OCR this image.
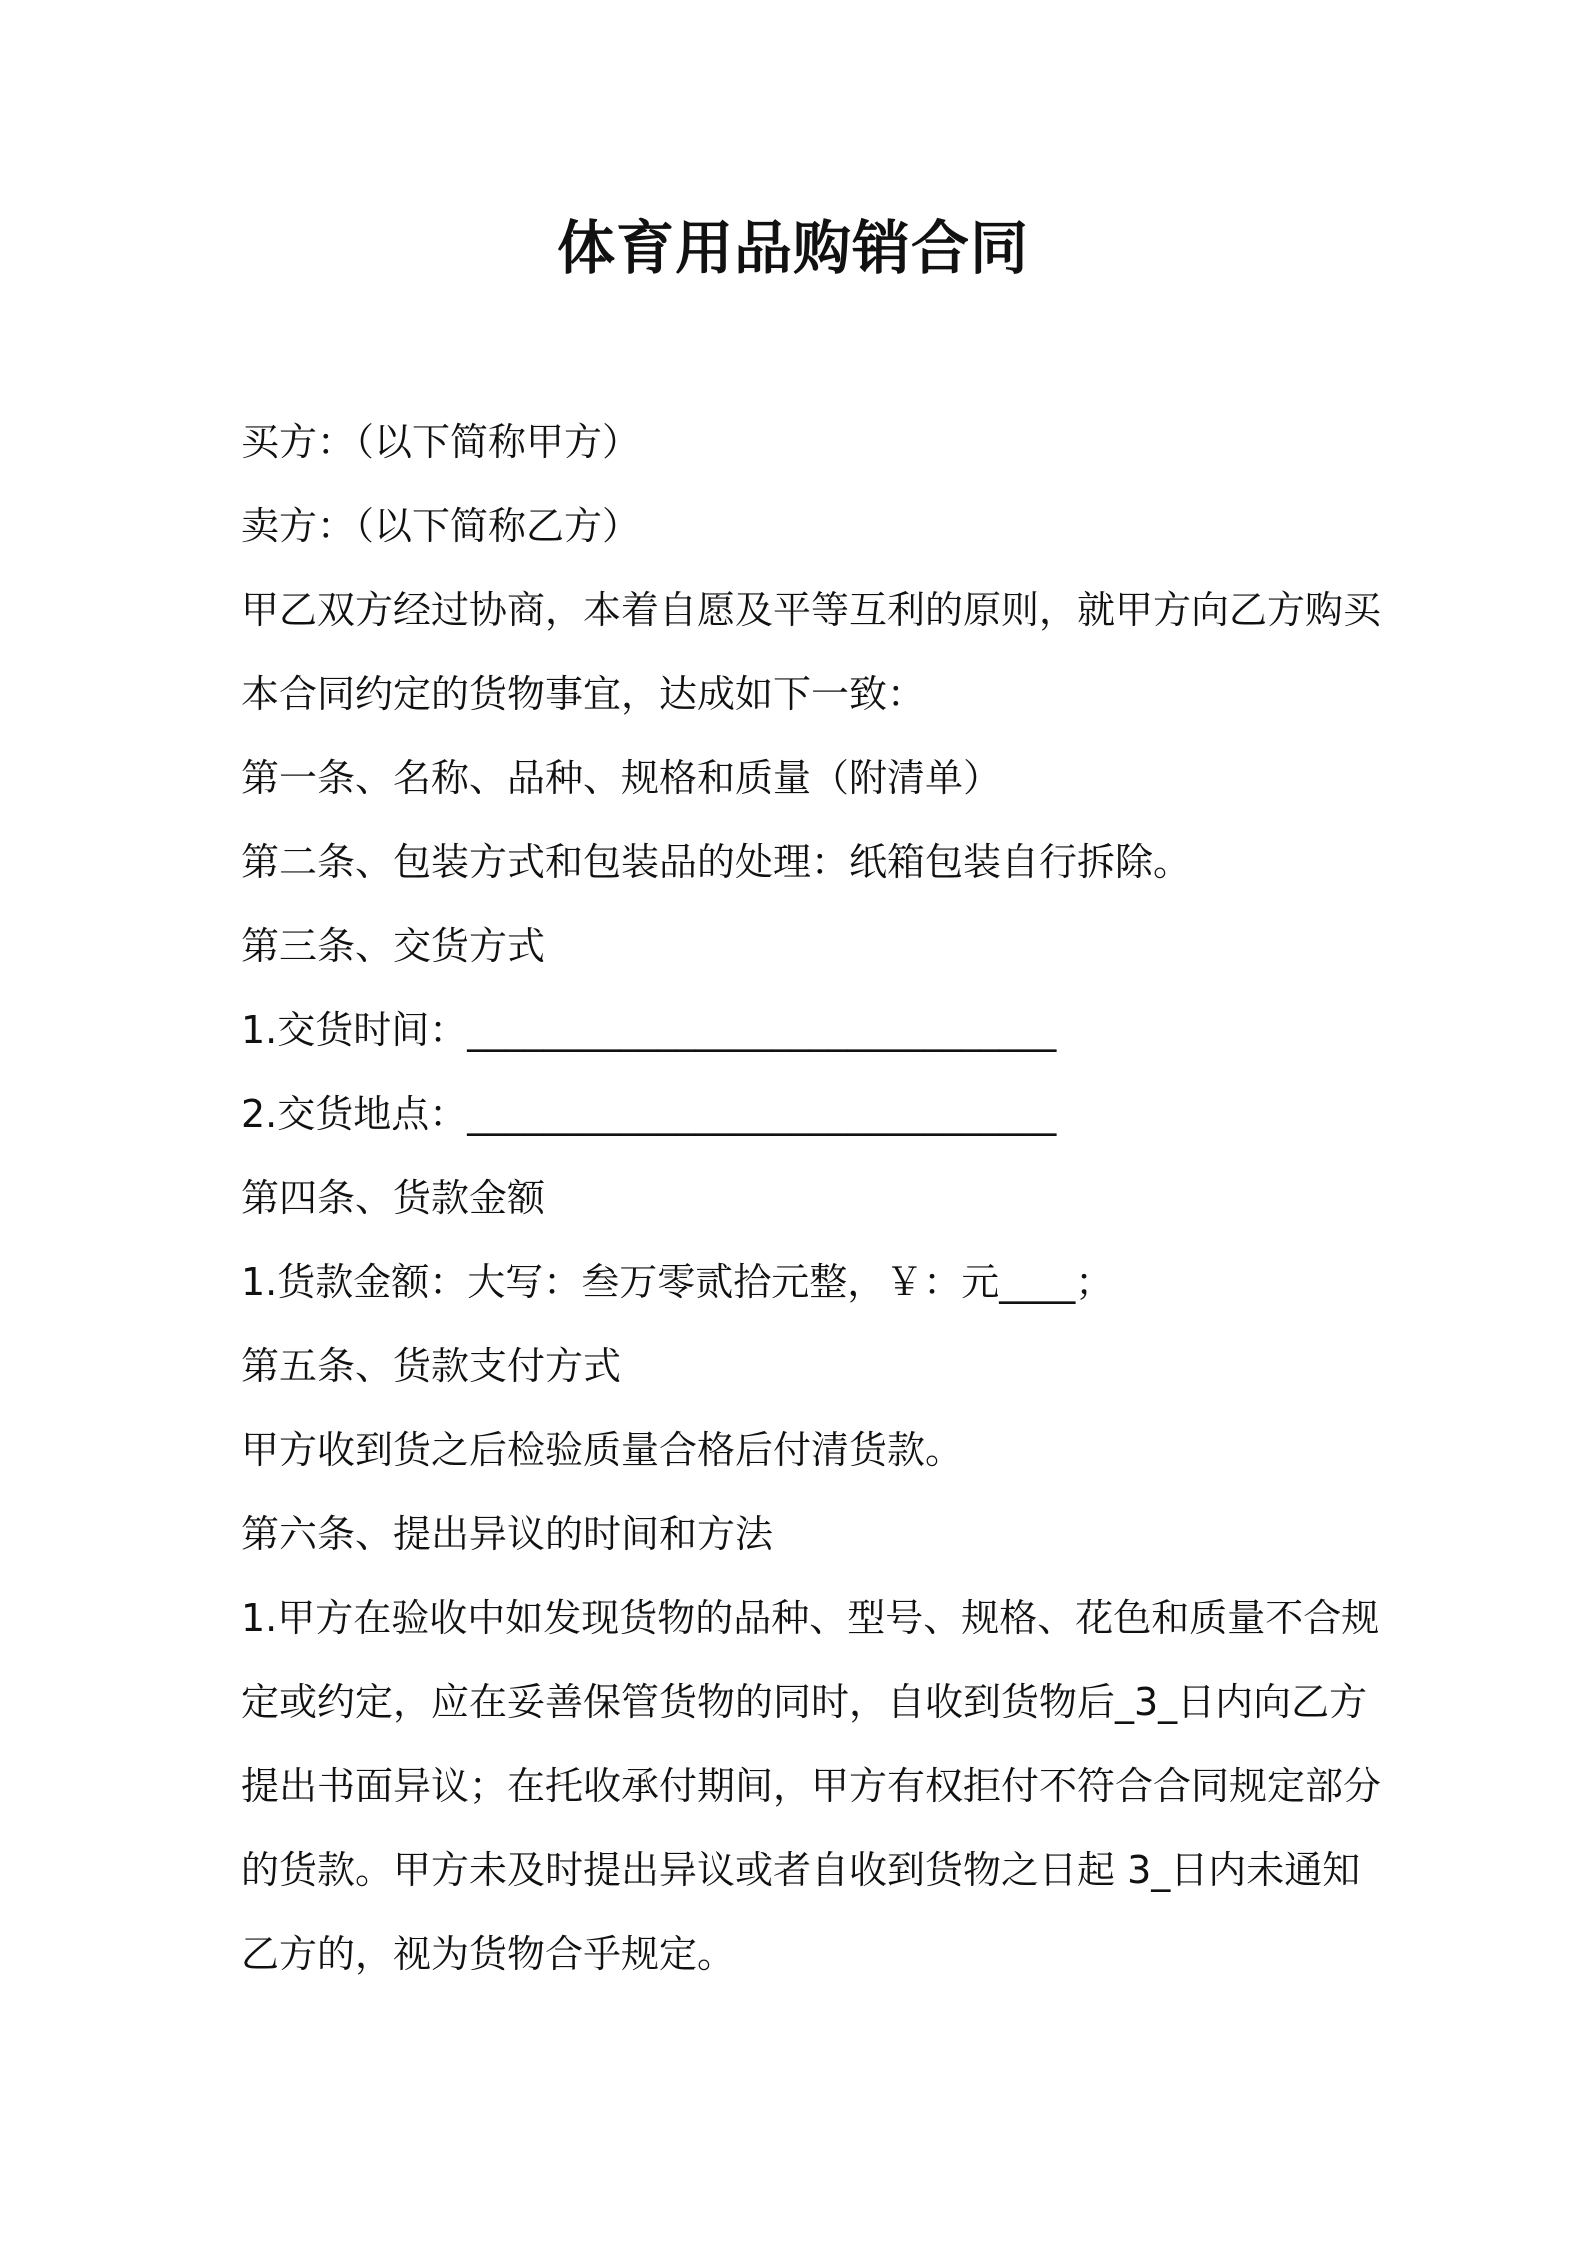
体育用品购销合同

买方：（以下简称甲方）

卖方：（以下简称乙方）

甲乙双方经过协商，本着自愿及平等互利的原则，就甲方向乙方购买

本合同约定的货物事宜，达成如下一致：

第一条、名称、品种、规格和质量（附清单）

第二条、包装方式和包装品的处理：纸箱包装自行拆除。

第三条、交货方式

1.交货时间：_______________________________

2.交货地点：_______________________________

第四条、货款金额

1.货款金额：大写：叁万零贰拾元整，￥：元____；

第五条、货款支付方式

甲方收到货之后检验质量合格后付清货款。

第六条、提出异议的时间和方法

1.甲方在验收中如发现货物的品种、型号、规格、花色和质量不合规

定或约定，应在妥善保管货物的同时，自收到货物后_3_日内向乙方

提出书面异议；在托收承付期间，甲方有权拒付不符合合同规定部分

的货款。甲方未及时提出异议或者自收到货物之日起 3_日内未通知

乙方的，视为货物合乎规定。
